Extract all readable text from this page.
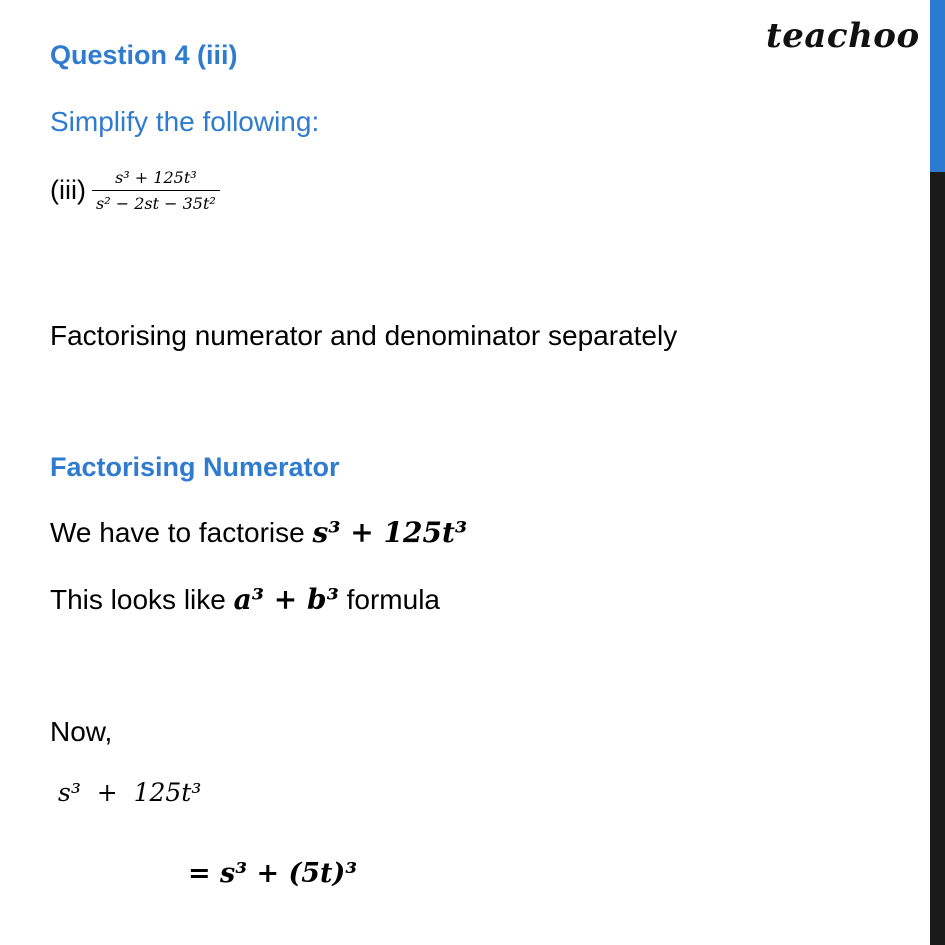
teachoo
Question 4 (iii)
Simplify the following:
$(iii) \frac{\text{s³ + 125t³}}{\text{s² − 2st − 35t²}}$
Factorising numerator and denominator separately
Factorising Numerator
We have to factorise s³ + 125t³
This looks like a³ + b³ formula
Now,
s³  +  125t³
= s³ + (5t)³
